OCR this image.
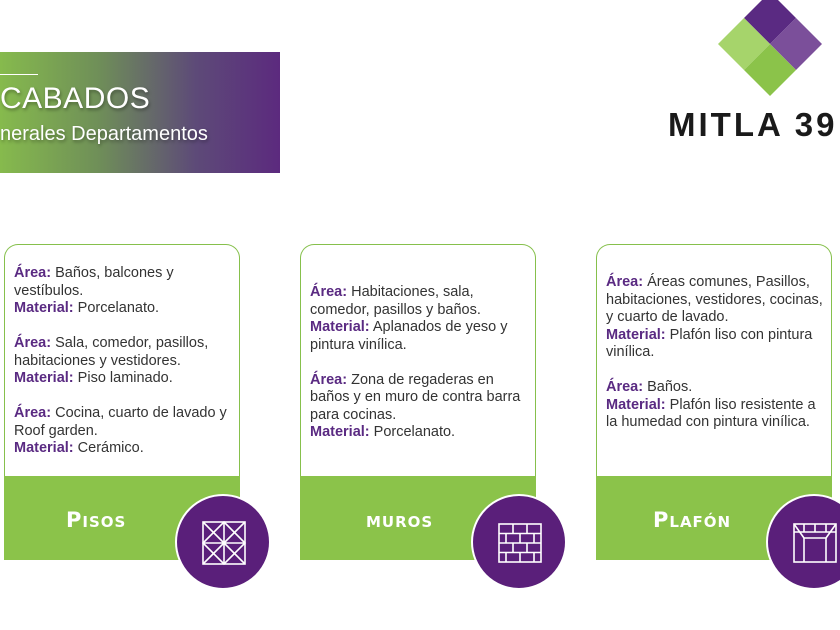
CABADOS
nerales Departamentos	MITLA 39
Área: Baños, balcones y vestíbulos.
Material: Porcelanato.
Área: Sala, comedor, pasillos, habitaciones y vestidores.
Material: Piso laminado.
Área: Cocina, cuarto de lavado y Roof garden.
Material: Cerámico.
Pisos
Área: Habitaciones, sala, comedor, pasillos y baños.
Material: Aplanados de yeso y pintura vinílica.
Área: Zona de regaderas en baños y en muro de contra barra para cocinas.
Material: Porcelanato.
muros
Área: Áreas comunes, Pasillos, habitaciones, vestidores, cocinas, y cuarto de lavado.
Material: Plafón liso con pintura vinílica.
Área: Baños.
Material: Plafón liso resistente a la humedad con pintura vinílica.
Plafón
